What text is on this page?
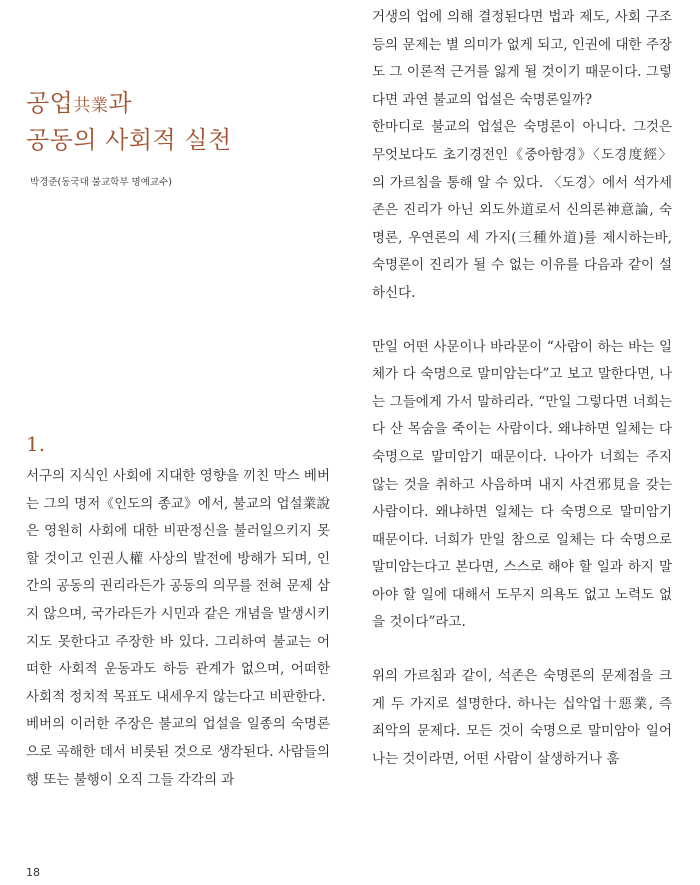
공업共業과
공동의 사회적 실천

박경준(동국대 불교학부 명예교수)

1.

서구의 지식인 사회에 지대한 영향을 끼친 막스 베버는 그의 명저《인도의 종교》에서, 불교의 업설業說은 영원히 사회에 대한 비판정신을 불러일으키지 못할 것이고 인권人權 사상의 발전에 방해가 되며, 인간의 공동의 권리라든가 공동의 의무를 전혀 문제 삼지 않으며, 국가라든가 시민과 같은 개념을 발생시키지도 못한다고 주장한 바 있다. 그리하여 불교는 어떠한 사회적 운동과도 하등 관계가 없으며, 어떠한 사회적 정치적 목표도 내세우지 않는다고 비판한다.

베버의 이러한 주장은 불교의 업설을 일종의 숙명론으로 곡해한 데서 비롯된 것으로 생각된다. 사람들의 행 또는 불행이 오직 그들 각각의 과

거생의 업에 의해 결정된다면 법과 제도, 사회 구조 등의 문제는 별 의미가 없게 되고, 인권에 대한 주장도 그 이론적 근거를 잃게 될 것이기 때문이다. 그렇다면 과연 불교의 업설은 숙명론일까?

한마디로 불교의 업설은 숙명론이 아니다. 그것은 무엇보다도 초기경전인《중아함경》〈도경度經〉의 가르침을 통해 알 수 있다. 〈도경〉에서 석가세존은 진리가 아닌 외도外道로서 신의론神意論, 숙명론, 우연론의 세 가지(三種外道)를 제시하는바, 숙명론이 진리가 될 수 없는 이유를 다음과 같이 설하신다.

만일 어떤 사문이나 바라문이 “사람이 하는 바는 일체가 다 숙명으로 말미암는다”고 보고 말한다면, 나는 그들에게 가서 말하리라. “만일 그렇다면 너희는 다 산 목숨을 죽이는 사람이다. 왜냐하면 일체는 다 숙명으로 말미암기 때문이다. 나아가 너희는 주지 않는 것을 취하고 사음하며 내지 사견邪見을 갖는 사람이다. 왜냐하면 일체는 다 숙명으로 말미암기 때문이다. 너희가 만일 참으로 일체는 다 숙명으로 말미암는다고 본다면, 스스로 해야 할 일과 하지 말아야 할 일에 대해서 도무지 의욕도 없고 노력도 없을 것이다”라고.

위의 가르침과 같이, 석존은 숙명론의 문제점을 크게 두 가지로 설명한다. 하나는 십악업十惡業, 즉 죄악의 문제다. 모든 것이 숙명으로 말미암아 일어나는 것이라면, 어떤 사람이 살생하거나 훔

18
